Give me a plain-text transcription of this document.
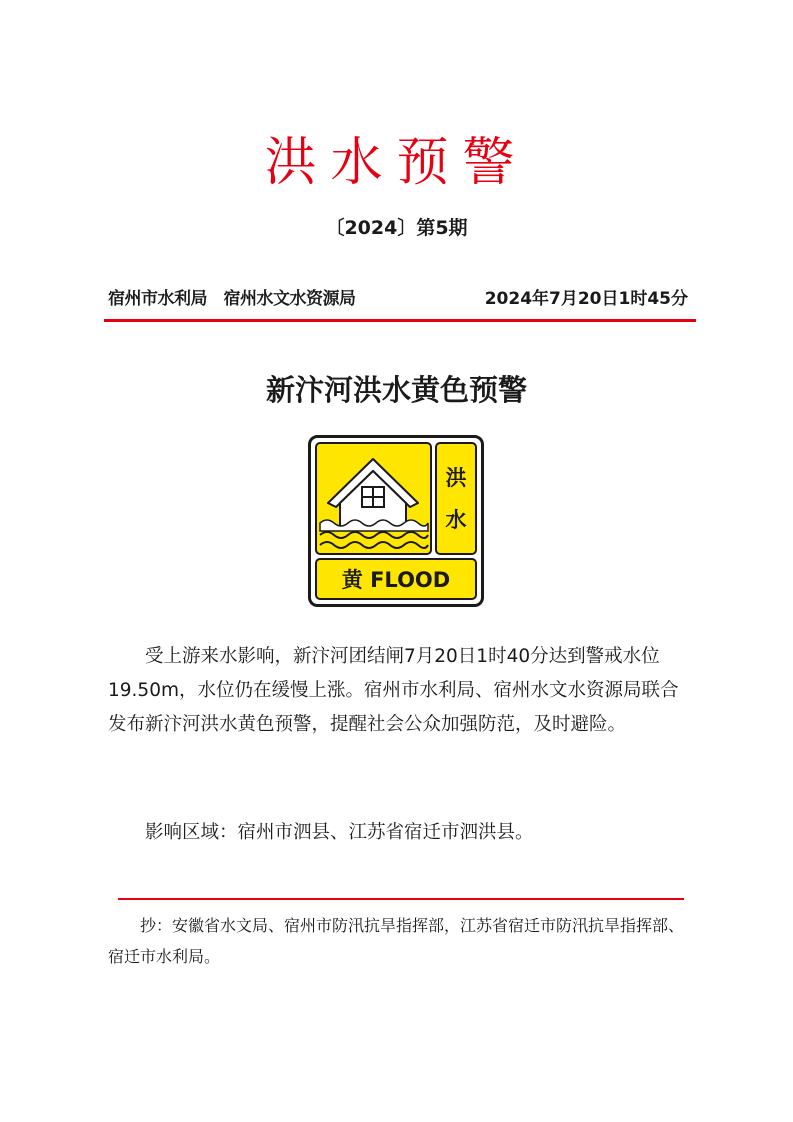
洪水预警
〔2024〕第5期
宿州市水利局　宿州水文水资源局	2024年7月20日1时45分
新汴河洪水黄色预警
洪
水
黄 FLOOD

受上游来水影响，新汴河团结闸7月20日1时40分达到警戒水位19.50m，水位仍在缓慢上涨。宿州市水利局、宿州水文水资源局联合发布新汴河洪水黄色预警，提醒社会公众加强防范，及时避险。

影响区域：宿州市泗县、江苏省宿迁市泗洪县。

抄：安徽省水文局、宿州市防汛抗旱指挥部，江苏省宿迁市防汛抗旱指挥部、宿迁市水利局。
